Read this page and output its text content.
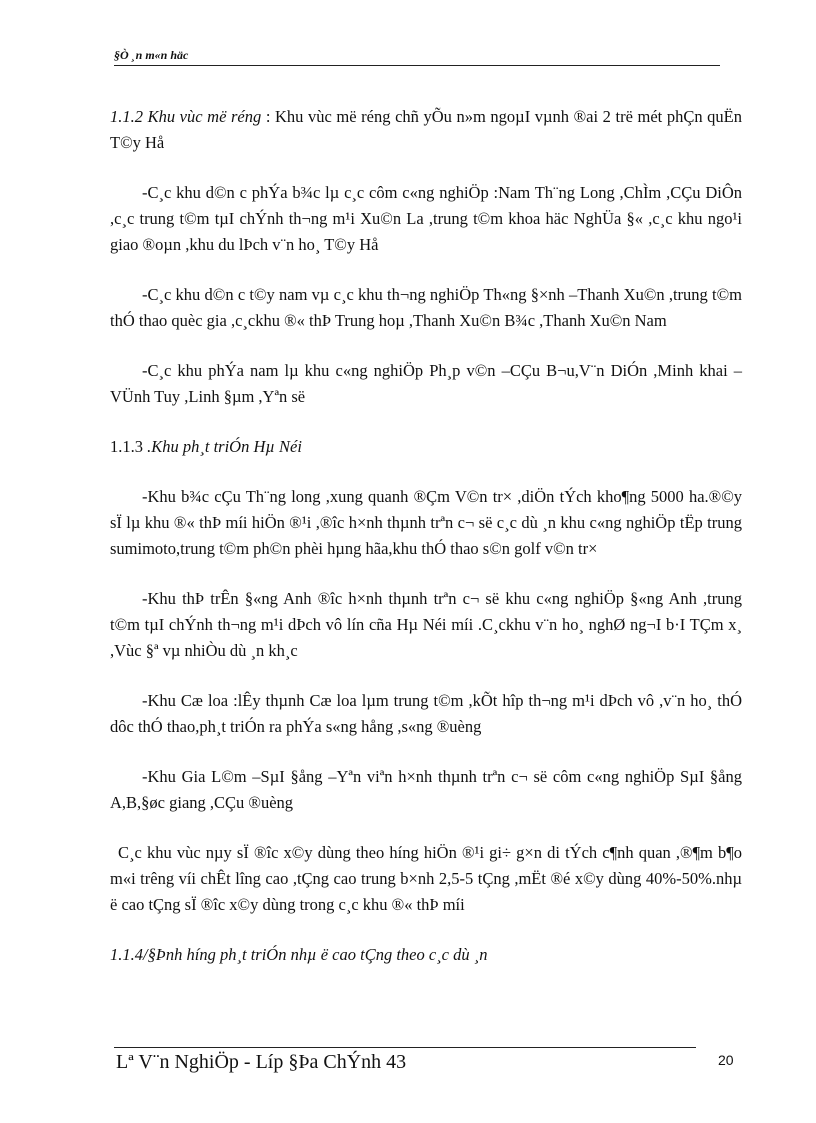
§Ò ¸n m«n häc

1.1.2 Khu vùc më réng : Khu vùc më réng chñ yÕu n»m ngoµI vµnh ®ai 2 trë mét phÇn quËn T©y Hå

-C¸c khu d©n c phÝa b¾c lµ c¸c côm c«ng nghiÖp :Nam Th¨ng Long ,ChÌm ,CÇu DiÔn ,c¸c trung t©m tµI chÝnh th¬ng m¹i Xu©n La ,trung t©m khoa häc NghÜa §« ,c¸c khu ngo¹i giao ®oµn ,khu du lÞch v¨n ho¸ T©y Hå

-C¸c khu d©n c t©y nam vµ c¸c khu th¬ng nghiÖp Th«ng §×nh –Thanh Xu©n ,trung t©m thÓ thao quèc gia ,c¸ckhu ®« thÞ Trung hoµ ,Thanh Xu©n B¾c ,Thanh Xu©n Nam

-C¸c khu phÝa nam lµ khu c«ng nghiÖp Ph¸p v©n –CÇu B¬u,V¨n DiÓn ,Minh khai –VÜnh Tuy ,Linh §µm ,Yªn së

1.1.3 .Khu ph¸t triÓn Hµ Néi

-Khu b¾c cÇu Th¨ng long ,xung quanh ®Çm V©n tr× ,diÖn tÝch kho¶ng 5000 ha.®©y sÏ lµ khu ®« thÞ míi hiÖn ®¹i ,®îc h×nh thµnh trªn c¬ së c¸c dù ¸n khu c«ng nghiÖp tËp trung sumimoto,trung t©m ph©n phèi hµng hãa,khu thÓ thao s©n golf v©n tr×

-Khu thÞ trÊn §«ng Anh ®îc h×nh thµnh trªn c¬ së khu c«ng nghiÖp §«ng Anh ,trung t©m tµI chÝnh th¬ng m¹i dÞch vô lín cña Hµ Néi míi .C¸ckhu v¨n ho¸ nghØ ng¬I b·I TÇm x¸ ,Vùc §ª vµ nhiÒu dù ¸n kh¸c

-Khu Cæ loa :lÊy thµnh Cæ loa lµm trung t©m ,kÕt hîp th¬ng m¹i dÞch vô ,v¨n ho¸ thÓ dôc thÓ thao,ph¸t triÓn ra phÝa s«ng hång ,s«ng ®uèng

-Khu Gia L©m –SµI §ång –Yªn viªn h×nh thµnh trªn c¬ së côm c«ng nghiÖp SµI §ång A,B,§øc giang ,CÇu ®uèng

C¸c khu vùc nµy sÏ ®îc x©y dùng theo híng hiÖn ®¹i gi÷ g×n di tÝch c¶nh quan ,®¶m b¶o m«i trêng víi chÊt lîng cao ,tÇng cao trung b×nh 2,5-5 tÇng ,mËt ®é x©y dùng 40%-50%.nhµ ë cao tÇng sÏ ®îc x©y dùng trong c¸c khu ®« thÞ míi

1.1.4/§Þnh híng ph¸t triÓn nhµ ë cao tÇng theo c¸c dù ¸n

Lª V¨n NghiÖp - Líp §Þa ChÝnh 43	20
